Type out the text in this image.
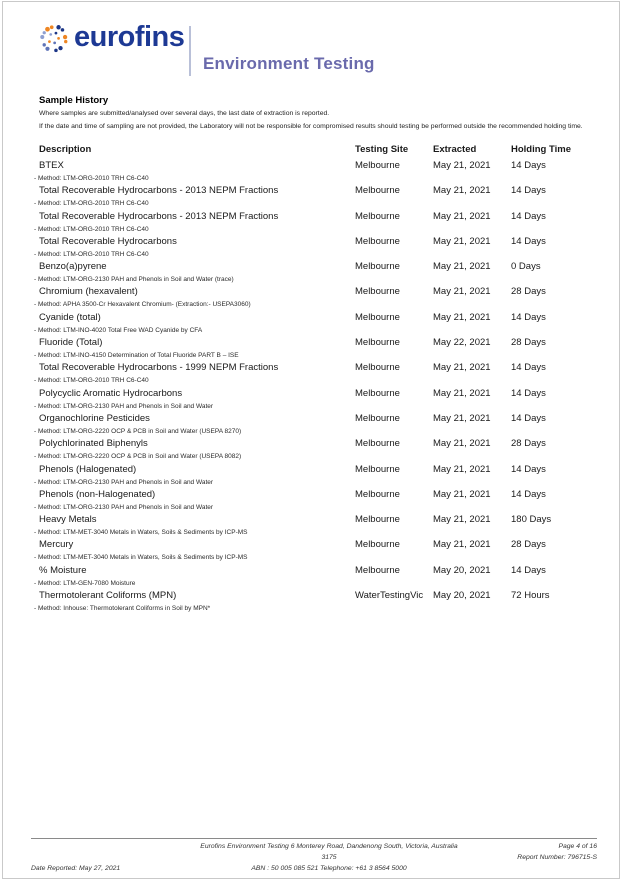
eurofins
Environment Testing
Sample History
Where samples are submitted/analysed over several days, the last date of extraction is reported.
If the date and time of sampling are not provided, the Laboratory will not be responsible for compromised results should testing be performed outside the recommended holding time.
Description	Testing Site	Extracted	Holding Time
BTEX	Melbourne	May 21, 2021	14 Days
- Method: LTM-ORG-2010 TRH C6-C40
Total Recoverable Hydrocarbons - 2013 NEPM Fractions	Melbourne	May 21, 2021	14 Days
- Method: LTM-ORG-2010 TRH C6-C40
Total Recoverable Hydrocarbons - 2013 NEPM Fractions	Melbourne	May 21, 2021	14 Days
- Method: LTM-ORG-2010 TRH C6-C40
Total Recoverable Hydrocarbons	Melbourne	May 21, 2021	14 Days
- Method: LTM-ORG-2010 TRH C6-C40
Benzo(a)pyrene	Melbourne	May 21, 2021	0 Days
- Method: LTM-ORG-2130 PAH and Phenols in Soil and Water (trace)
Chromium (hexavalent)	Melbourne	May 21, 2021	28 Days
- Method: APHA 3500-Cr Hexavalent Chromium- (Extraction:- USEPA3060)
Cyanide (total)	Melbourne	May 21, 2021	14 Days
- Method: LTM-INO-4020 Total Free WAD Cyanide by CFA
Fluoride (Total)	Melbourne	May 22, 2021	28 Days
- Method: LTM-INO-4150 Determination of Total Fluoride PART B – ISE
Total Recoverable Hydrocarbons - 1999 NEPM Fractions	Melbourne	May 21, 2021	14 Days
- Method: LTM-ORG-2010 TRH C6-C40
Polycyclic Aromatic Hydrocarbons	Melbourne	May 21, 2021	14 Days
- Method: LTM-ORG-2130 PAH and Phenols in Soil and Water
Organochlorine Pesticides	Melbourne	May 21, 2021	14 Days
- Method: LTM-ORG-2220 OCP & PCB in Soil and Water (USEPA 8270)
Polychlorinated Biphenyls	Melbourne	May 21, 2021	28 Days
- Method: LTM-ORG-2220 OCP & PCB in Soil and Water (USEPA 8082)
Phenols (Halogenated)	Melbourne	May 21, 2021	14 Days
- Method: LTM-ORG-2130 PAH and Phenols in Soil and Water
Phenols (non-Halogenated)	Melbourne	May 21, 2021	14 Days
- Method: LTM-ORG-2130 PAH and Phenols in Soil and Water
Heavy Metals	Melbourne	May 21, 2021	180 Days
- Method: LTM-MET-3040 Metals in Waters, Soils & Sediments by ICP-MS
Mercury	Melbourne	May 21, 2021	28 Days
- Method: LTM-MET-3040 Metals in Waters, Soils & Sediments by ICP-MS
% Moisture	Melbourne	May 20, 2021	14 Days
- Method: LTM-GEN-7080 Moisture
Thermotolerant Coliforms (MPN)	WaterTestingVic	May 20, 2021	72 Hours
- Method: Inhouse: Thermotolerant Coliforms in Soil by MPN*
Date Reported: May 27, 2021
Eurofins Environment Testing 6 Monterey Road, Dandenong South, Victoria, Australia 3175
ABN : 50 005 085 521 Telephone: +61 3 8564 5000
Page 4 of 16
Report Number: 796715-S
